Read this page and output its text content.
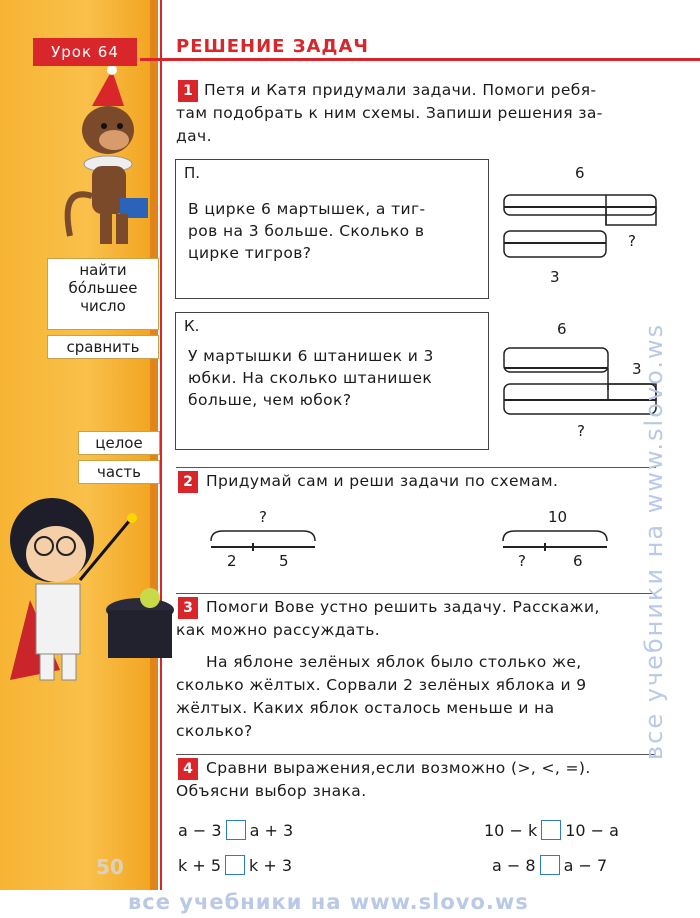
Урок 64	РЕШЕНИЕ ЗАДАЧ
найти
бо́льшее
число
сравнить
целое
часть
1 Петя и Катя придумали задачи. Помоги ребя-
там подобрать к ним схемы. Запиши решения за-
дач.
П.
В цирке 6 мартышек, а тиг-
ров на 3 больше. Сколько в
цирке тигров?
К.
У мартышки 6 штанишек и 3
юбки. На сколько штанишек
больше, чем юбок?
6
?
3
6
3
?
2 Придумай сам и реши задачи по схемам.
?
2	5
10
?	6
3 Помоги Вове устно решить задачу. Расскажи,
как можно рассуждать.
На яблоне зелёных яблок было столько же,
сколько жёлтых. Сорвали 2 зелёных яблока и 9
жёлтых. Каких яблок осталось меньше и на
сколько?
4 Сравни выражения,если возможно (>, <, =).
Объясни выбор знака.
a − 3 a + 3	10 − k 10 − a
k + 5 k + 3	a − 8 a − 7
50
все учебники на www.slovo.ws
все учебники на www.slovo.ws
